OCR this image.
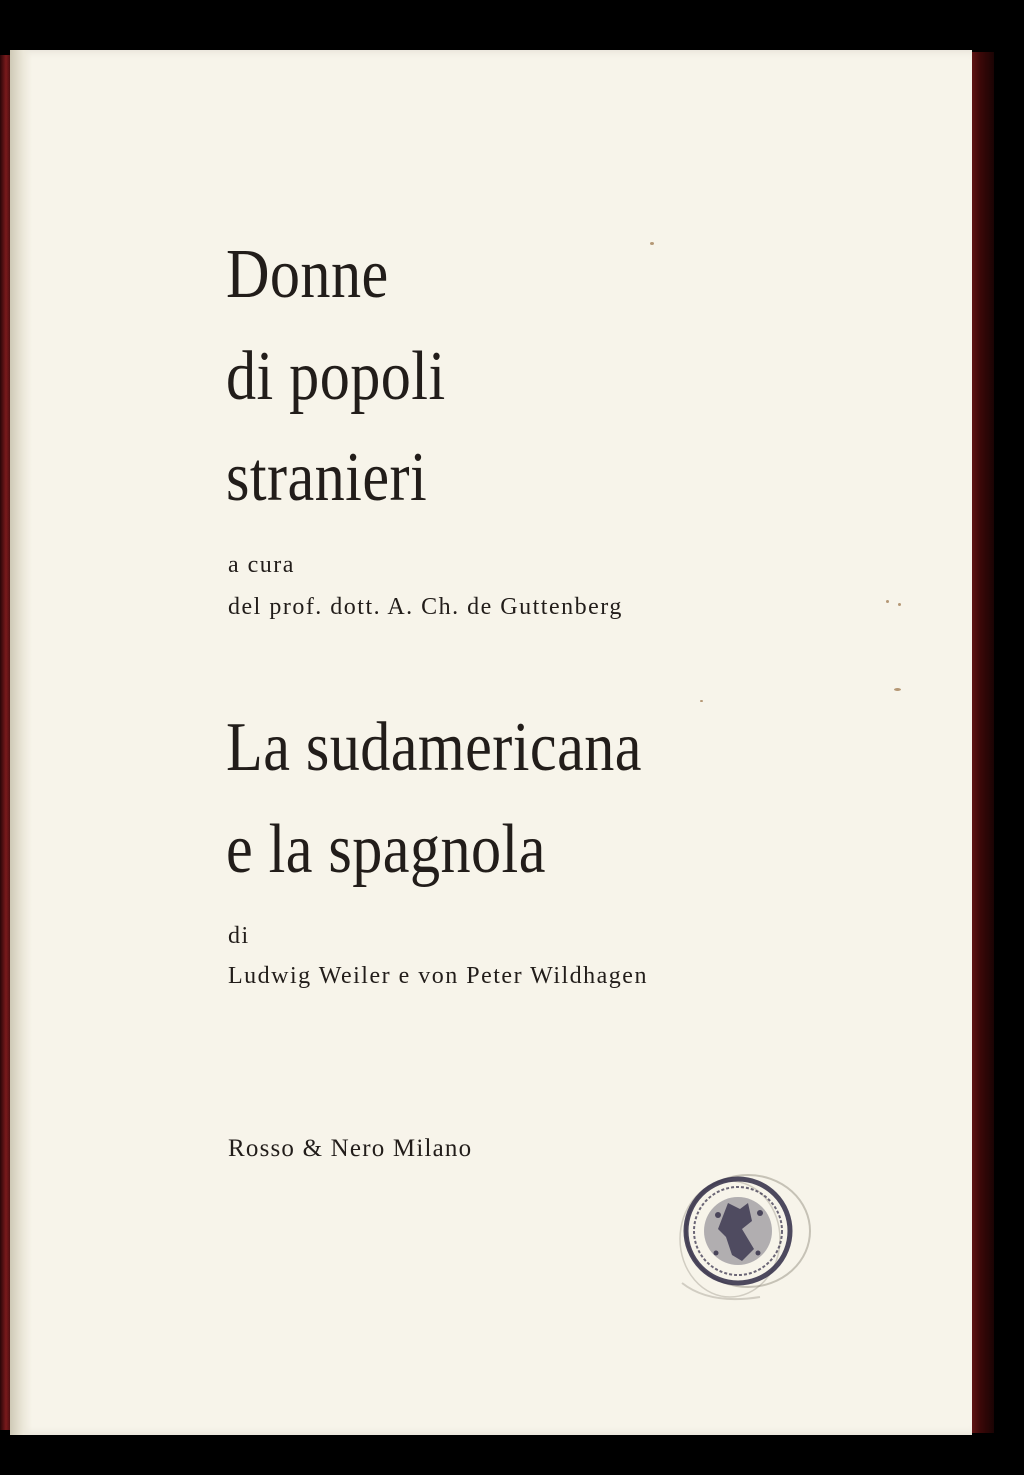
Donne
di popoli
stranieri
a cura
del prof. dott. A. Ch. de Guttenberg
La sudamericana
e la spagnola
di
Ludwig Weiler e von Peter Wildhagen
Rosso & Nero Milano
